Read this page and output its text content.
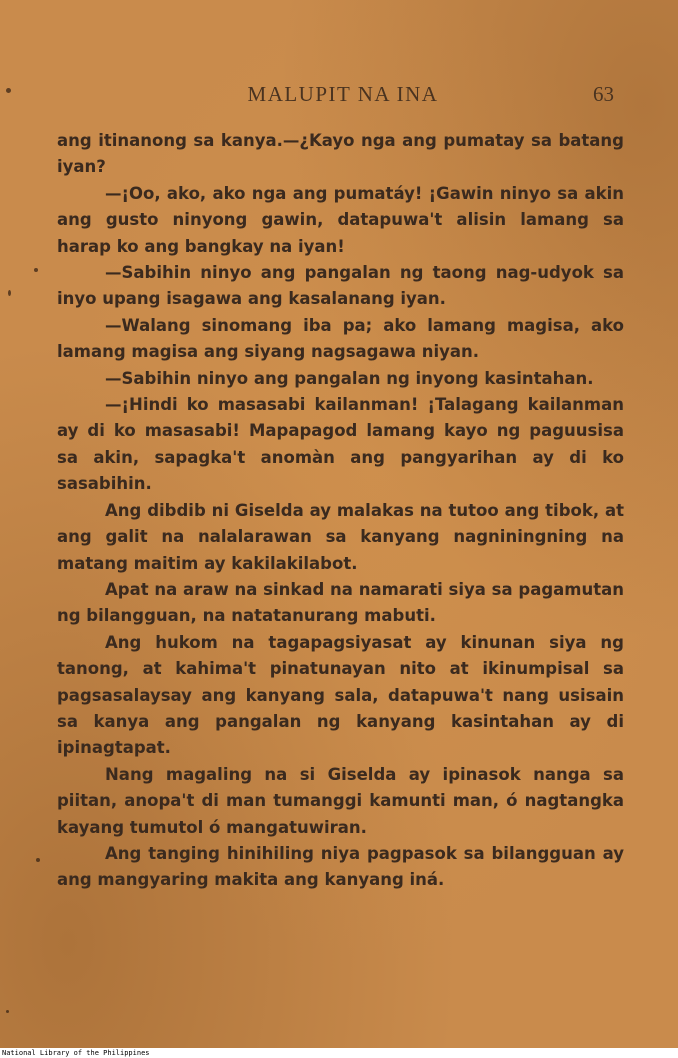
MALUPIT NA INA	63

ang itinanong sa kanya.—¿Kayo nga ang pumatay sa batang iyan?

—¡Oo, ako, ako nga ang pumatáy! ¡Gawin ninyo sa akin ang gusto ninyong gawin, datapuwa't alisin lamang sa harap ko ang bangkay na iyan!

—Sabihin ninyo ang pangalan ng taong nag-udyok sa inyo upang isagawa ang kasalanang iyan.

—Walang sinomang iba pa; ako lamang magisa, ako lamang magisa ang siyang nagsagawa niyan.

—Sabihin ninyo ang pangalan ng inyong kasintahan.

—¡Hindi ko masasabi kailanman! ¡Talagang kailanman ay di ko masasabi! Mapapagod lamang kayo ng paguusisa sa akin, sapagka't anomàn ang pangyarihan ay di ko sasabihin.

Ang dibdib ni Giselda ay malakas na tutoo ang tibok, at ang galit na nalalarawan sa kanyang nagniningning na matang maitim ay kakilakilabot.

Apat na araw na sinkad na namarati siya sa pagamutan ng bilangguan, na natatanurang mabuti.

Ang hukom na tagapagsiyasat ay kinunan siya ng tanong, at kahima't pinatunayan nito at ikinumpisal sa pagsasalaysay ang kanyang sala, datapuwa't nang usisain sa kanya ang pangalan ng kanyang kasintahan ay di ipinagtapat.

Nang magaling na si Giselda ay ipinasok nanga sa piitan, anopa't di man tumanggi kamunti man, ó nagtangka kayang tumutol ó mangatuwiran.

Ang tanging hinihiling niya pagpasok sa bilangguan ay ang mangyaring makita ang kanyang iná.

National Library of the Philippines
